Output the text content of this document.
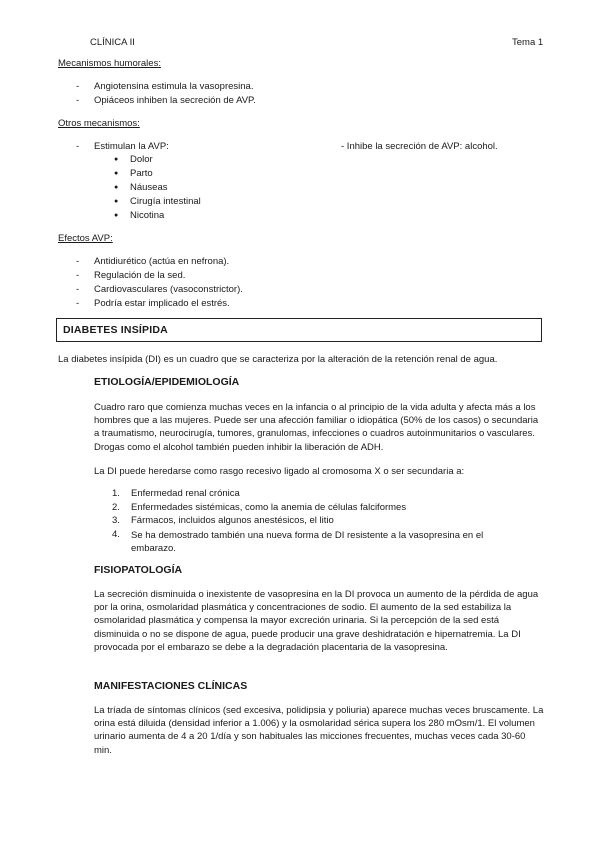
CLÍNICA II	Tema 1
Mecanismos humorales:
- Angiotensina estimula la vasopresina.
- Opiáceos inhiben la secreción de AVP.
Otros mecanismos:
- Estimulan la AVP:	- Inhibe la secreción de AVP: alcohol.
● Dolor
● Parto
● Náuseas
● Cirugía intestinal
● Nicotina
Efectos AVP:
- Antidiurético (actúa en nefrona).
- Regulación de la sed.
- Cardiovasculares (vasoconstrictor).
- Podría estar implicado el estrés.
DIABETES INSÍPIDA
La diabetes insípida (DI) es un cuadro que se caracteriza por la alteración de la retención renal de agua.
ETIOLOGÍA/EPIDEMIOLOGÍA
Cuadro raro que comienza muchas veces en la infancia o al principio de la vida adulta y afecta más a los hombres que a las mujeres. Puede ser una afección familiar o idiopática (50% de los casos) o secundaria a traumatismo, neurocirugía, tumores, granulomas, infecciones o cuadros autoinmunitarios o vasculares. Drogas como el alcohol también pueden inhibir la liberación de ADH.
La DI puede heredarse como rasgo recesivo ligado al cromosoma X o ser secundaria a:
1. Enfermedad renal crónica
2. Enfermedades sistémicas, como la anemia de células falciformes
3. Fármacos, incluidos algunos anestésicos, el litio
4. Se ha demostrado también una nueva forma de DI resistente a la vasopresina en el embarazo.
FISIOPATOLOGÍA
La secreción disminuida o inexistente de vasopresina en la DI provoca un aumento de la pérdida de agua por la orina, osmolaridad plasmática y concentraciones de sodio. El aumento de la sed estabiliza la osmolaridad plasmática y compensa la mayor excreción urinaria. Si la percepción de la sed está disminuida o no se dispone de agua, puede producir una grave deshidratación e hipernatremia. La DI provocada por el embarazo se debe a la degradación placentaria de la vasopresina.
MANIFESTACIONES CLÍNICAS
La tríada de síntomas clínicos (sed excesiva, polidipsia y poliuria) aparece muchas veces bruscamente. La orina está diluida (densidad inferior a 1.006) y la osmolaridad sérica supera los 280 mOsm/1. El volumen urinario aumenta de 4 a 20 1/día y son habituales las micciones frecuentes, muchas veces cada 30-60 min.
